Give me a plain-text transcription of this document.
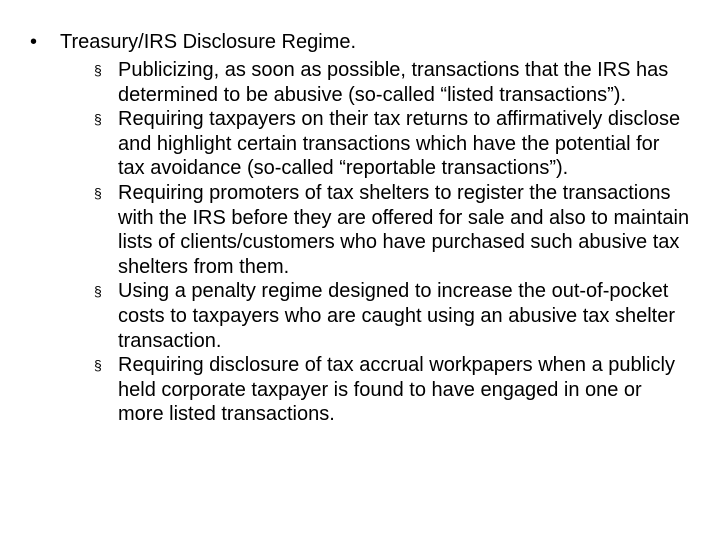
•	Treasury/IRS Disclosure Regime.
§ Publicizing, as soon as possible, transactions that the IRS has determined to be abusive (so-called “listed transactions”).
§ Requiring taxpayers on their tax returns to affirmatively disclose and highlight certain transactions which have the potential for tax avoidance (so-called “reportable transactions”).
§ Requiring promoters of tax shelters to register the transactions with the IRS before they are offered for sale and also to maintain lists of clients/customers who have purchased such abusive tax shelters from them.
§ Using a penalty regime designed to increase the out-of-pocket costs to taxpayers who are caught using an abusive tax shelter transaction.
§ Requiring disclosure of tax accrual workpapers when a publicly held corporate taxpayer is found to have engaged in one or more listed transactions.
